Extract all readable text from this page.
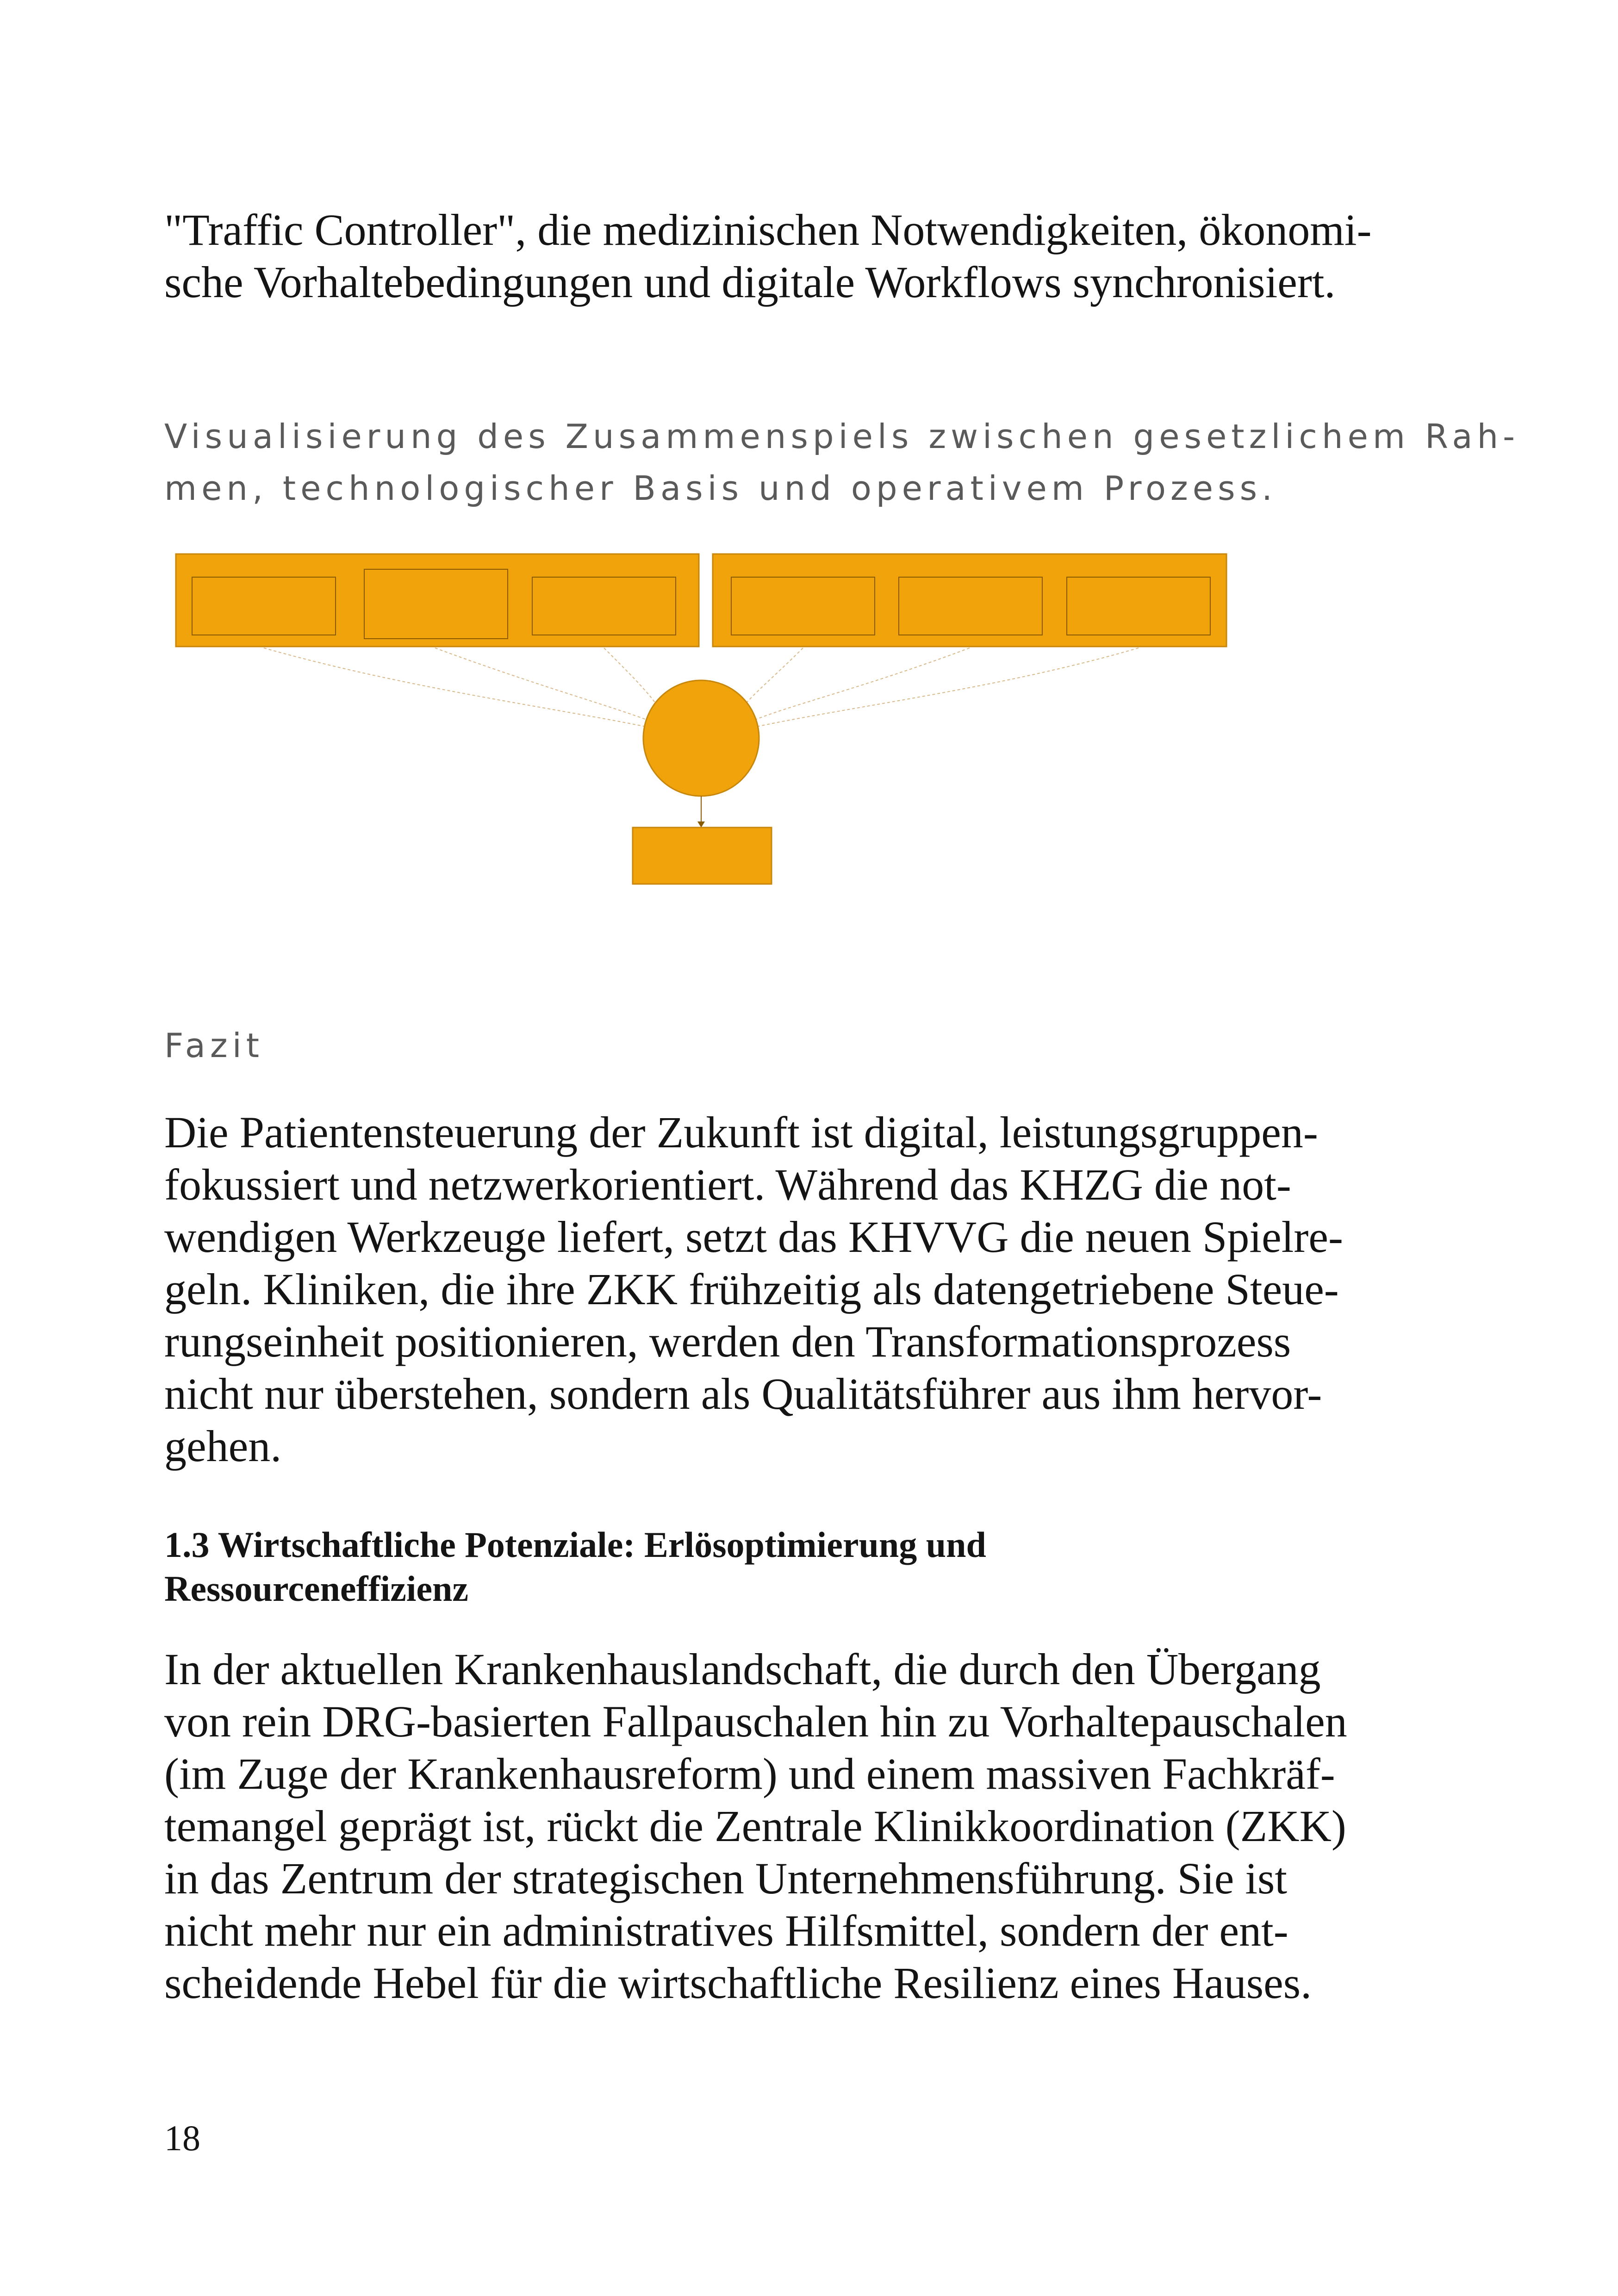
"Traffic Controller", die medizinischen Notwendigkeiten, ökonomi-
sche Vorhaltebedingungen und digitale Workflows synchronisiert.

Visualisierung des Zusammenspiels zwischen gesetzlichem Rah-
men, technologischer Basis und operativem Prozess.

Fazit

Die Patientensteuerung der Zukunft ist digital, leistungsgruppen-
fokussiert und netzwerkorientiert. Während das KHZG die not-
wendigen Werkzeuge liefert, setzt das KHVVG die neuen Spielre-
geln. Kliniken, die ihre ZKK frühzeitig als datengetriebene Steue-
rungseinheit positionieren, werden den Transformationsprozess
nicht nur überstehen, sondern als Qualitätsführer aus ihm hervor-
gehen.

1.3 Wirtschaftliche Potenziale: Erlösoptimierung und
Ressourceneffizienz

In der aktuellen Krankenhauslandschaft, die durch den Übergang
von rein DRG-basierten Fallpauschalen hin zu Vorhaltepauschalen
(im Zuge der Krankenhausreform) und einem massiven Fachkräf-
temangel geprägt ist, rückt die Zentrale Klinikkoordination (ZKK)
in das Zentrum der strategischen Unternehmensführung. Sie ist
nicht mehr nur ein administratives Hilfsmittel, sondern der ent-
scheidende Hebel für die wirtschaftliche Resilienz eines Hauses.

18
